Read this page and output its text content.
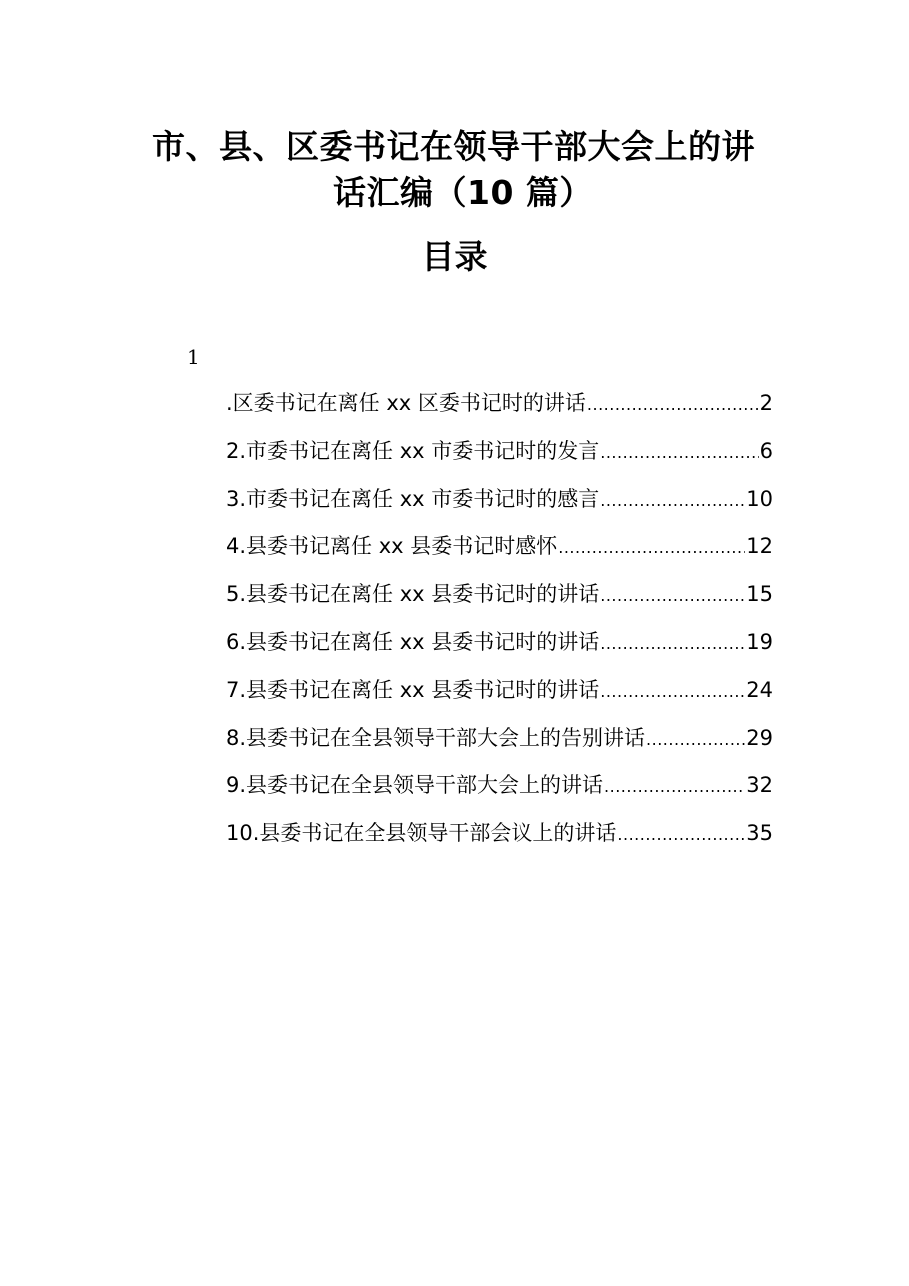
市、县、区委书记在领导干部大会上的讲
话汇编（10 篇）
目录
1
.区委书记在离任 xx 区委书记时的讲话 .....	2
2.市委书记在离任 xx 市委书记时的发言 .....	6
3.市委书记在离任 xx 市委书记时的感言 .....	10
4.县委书记离任 xx 县委书记时感怀 .....	12
5.县委书记在离任 xx 县委书记时的讲话 .....	15
6.县委书记在离任 xx 县委书记时的讲话 .....	19
7.县委书记在离任 xx 县委书记时的讲话 .....	24
8.县委书记在全县领导干部大会上的告别讲话 .....	29
9.县委书记在全县领导干部大会上的讲话 .....	32
10.县委书记在全县领导干部会议上的讲话 .....	35
